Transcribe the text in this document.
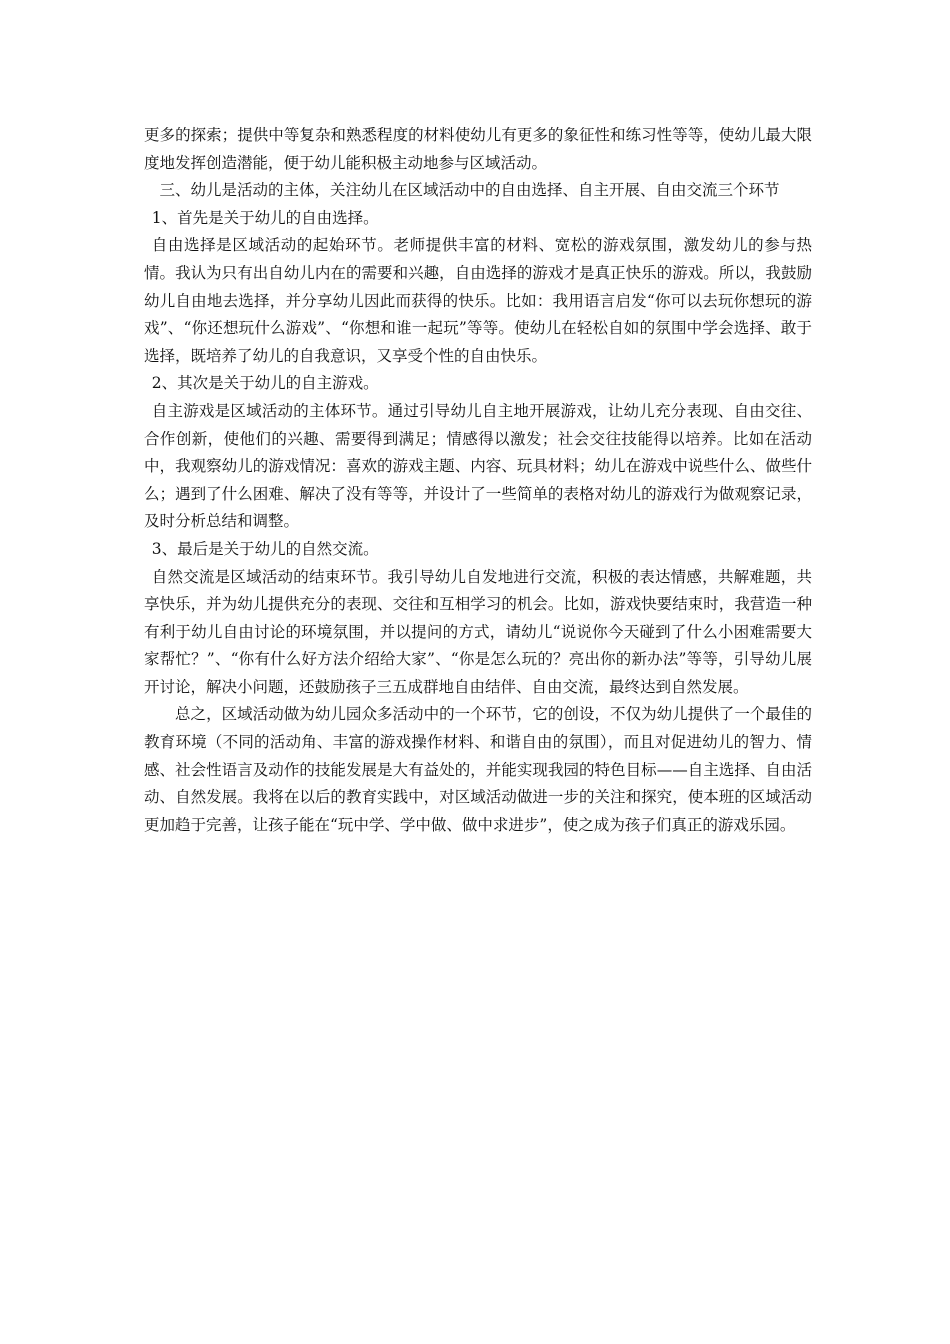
更多的探索；提供中等复杂和熟悉程度的材料使幼儿有更多的象征性和练习性等等，使幼儿最大限度地发挥创造潜能，便于幼儿能积极主动地参与区域活动。

三、幼儿是活动的主体，关注幼儿在区域活动中的自由选择、自主开展、自由交流三个环节

1、首先是关于幼儿的自由选择。

自由选择是区域活动的起始环节。老师提供丰富的材料、宽松的游戏氛围，激发幼儿的参与热情。我认为只有出自幼儿内在的需要和兴趣，自由选择的游戏才是真正快乐的游戏。所以，我鼓励幼儿自由地去选择，并分享幼儿因此而获得的快乐。比如：我用语言启发“你可以去玩你想玩的游戏”、“你还想玩什么游戏”、“你想和谁一起玩”等等。使幼儿在轻松自如的氛围中学会选择、敢于选择，既培养了幼儿的自我意识，又享受个性的自由快乐。

2、其次是关于幼儿的自主游戏。

自主游戏是区域活动的主体环节。通过引导幼儿自主地开展游戏，让幼儿充分表现、自由交往、合作创新，使他们的兴趣、需要得到满足；情感得以激发；社会交往技能得以培养。比如在活动中，我观察幼儿的游戏情况：喜欢的游戏主题、内容、玩具材料；幼儿在游戏中说些什么、做些什么；遇到了什么困难、解决了没有等等，并设计了一些简单的表格对幼儿的游戏行为做观察记录，及时分析总结和调整。

3、最后是关于幼儿的自然交流。

自然交流是区域活动的结束环节。我引导幼儿自发地进行交流，积极的表达情感，共解难题，共享快乐，并为幼儿提供充分的表现、交往和互相学习的机会。比如，游戏快要结束时，我营造一种有利于幼儿自由讨论的环境氛围，并以提问的方式，请幼儿“说说你今天碰到了什么小困难需要大家帮忙？”、“你有什么好方法介绍给大家”、“你是怎么玩的？亮出你的新办法”等等，引导幼儿展开讨论，解决小问题，还鼓励孩子三五成群地自由结伴、自由交流，最终达到自然发展。

总之，区域活动做为幼儿园众多活动中的一个环节，它的创设，不仅为幼儿提供了一个最佳的教育环境（不同的活动角、丰富的游戏操作材料、和谐自由的氛围），而且对促进幼儿的智力、情感、社会性语言及动作的技能发展是大有益处的，并能实现我园的特色目标——自主选择、自由活动、自然发展。我将在以后的教育实践中，对区域活动做进一步的关注和探究，使本班的区域活动更加趋于完善，让孩子能在“玩中学、学中做、做中求进步”，使之成为孩子们真正的游戏乐园。
